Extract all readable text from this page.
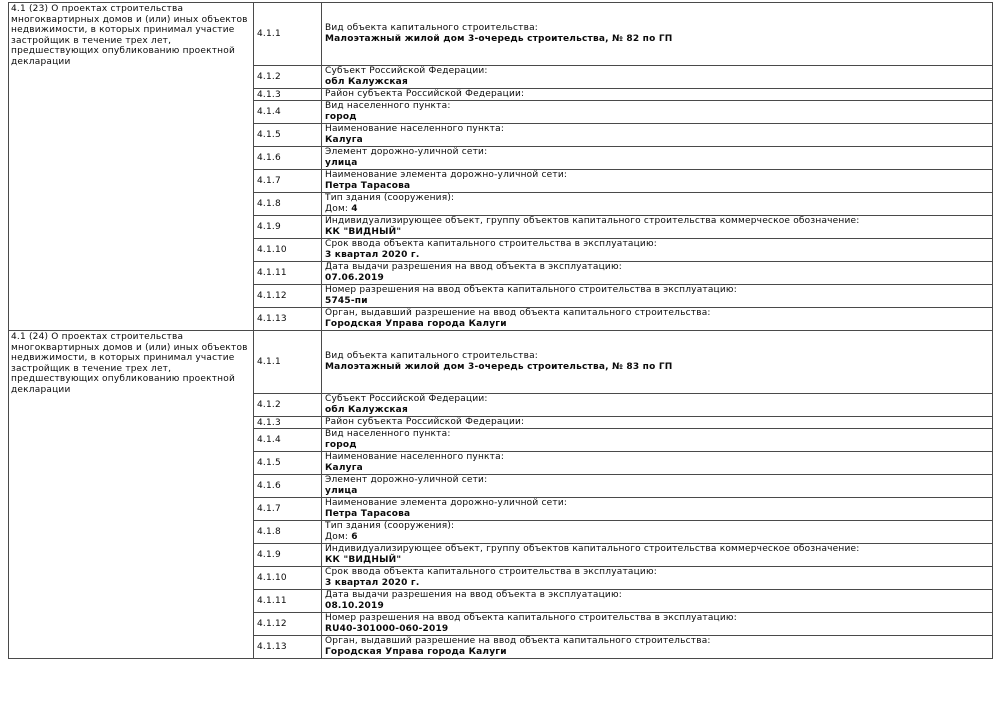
4.1 (23) О проектах строительства многоквартирных домов и (или) иных объектов недвижимости, в которых принимал участие застройщик в течение трех лет, предшествующих опубликованию проектной декларации	4.1.1	Вид объекта капитального строительства:
Малоэтажный жилой дом 3-очередь строительства, № 82 по ГП

	4.1.2	Субъект Российской Федерации:
обл Калужская

	4.1.3	Район субъекта Российской Федерации:

	4.1.4	Вид населенного пункта:
город

	4.1.5	Наименование населенного пункта:
Калуга

	4.1.6	Элемент дорожно-уличной сети:
улица

	4.1.7	Наименование элемента дорожно-уличной сети:
Петра Тарасова

	4.1.8	Тип здания (сооружения):
Дом: 4

	4.1.9	Индивидуализирующее объект, группу объектов капитального строительства коммерческое обозначение:
КК "ВИДНЫЙ"

	4.1.10	Срок ввода объекта капитального строительства в эксплуатацию:
3 квартал 2020 г.

	4.1.11	Дата выдачи разрешения на ввод объекта в эксплуатацию:
07.06.2019

	4.1.12	Номер разрешения на ввод объекта капитального строительства в эксплуатацию:
5745-пи

	4.1.13	Орган, выдавший разрешение на ввод объекта капитального строительства:
Городская Управа города Калуги

4.1 (24) О проектах строительства многоквартирных домов и (или) иных объектов недвижимости, в которых принимал участие застройщик в течение трех лет, предшествующих опубликованию проектной декларации	4.1.1	Вид объекта капитального строительства:
Малоэтажный жилой дом 3-очередь строительства, № 83 по ГП

	4.1.2	Субъект Российской Федерации:
обл Калужская

	4.1.3	Район субъекта Российской Федерации:

	4.1.4	Вид населенного пункта:
город

	4.1.5	Наименование населенного пункта:
Калуга

	4.1.6	Элемент дорожно-уличной сети:
улица

	4.1.7	Наименование элемента дорожно-уличной сети:
Петра Тарасова

	4.1.8	Тип здания (сооружения):
Дом: 6

	4.1.9	Индивидуализирующее объект, группу объектов капитального строительства коммерческое обозначение:
КК "ВИДНЫЙ"

	4.1.10	Срок ввода объекта капитального строительства в эксплуатацию:
3 квартал 2020 г.

	4.1.11	Дата выдачи разрешения на ввод объекта в эксплуатацию:
08.10.2019

	4.1.12	Номер разрешения на ввод объекта капитального строительства в эксплуатацию:
RU40-301000-060-2019

	4.1.13	Орган, выдавший разрешение на ввод объекта капитального строительства:
Городская Управа города Калуги
